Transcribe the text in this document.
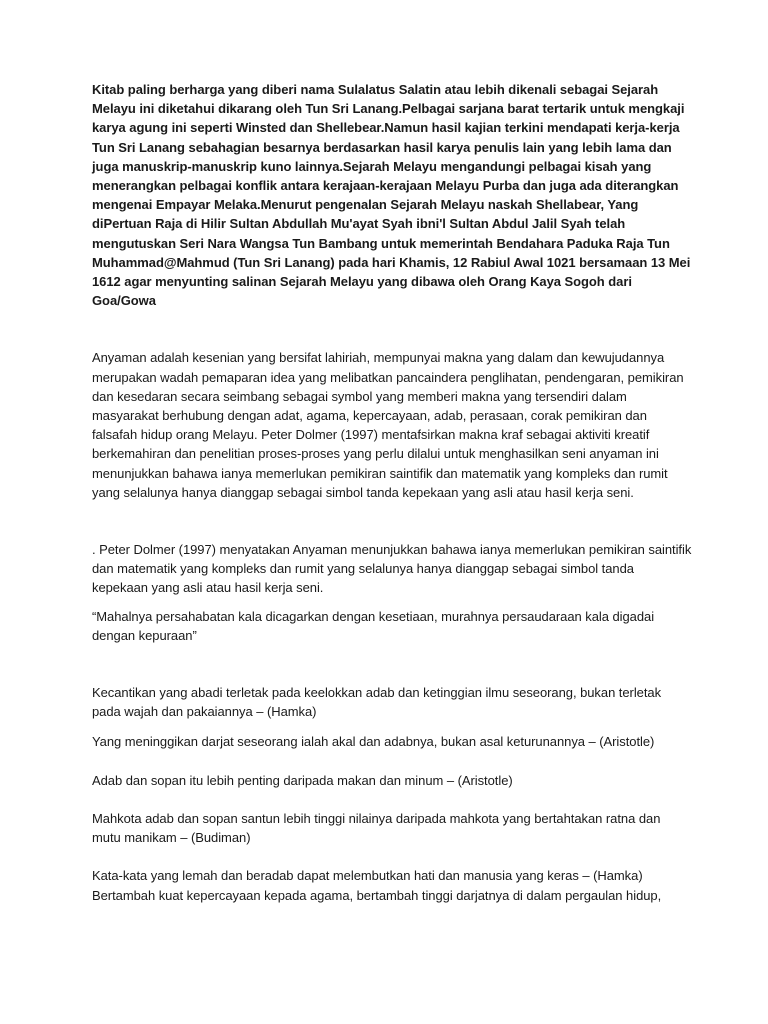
Kitab paling berharga yang diberi nama Sulalatus Salatin atau lebih dikenali sebagai Sejarah Melayu ini diketahui dikarang oleh Tun Sri Lanang.Pelbagai sarjana barat tertarik untuk mengkaji karya agung ini seperti Winsted dan Shellebear.Namun hasil kajian terkini mendapati kerja-kerja Tun Sri Lanang sebahagian besarnya berdasarkan hasil karya penulis lain yang lebih lama dan juga manuskrip-manuskrip kuno lainnya.Sejarah Melayu mengandungi pelbagai kisah yang menerangkan pelbagai konflik antara kerajaan-kerajaan Melayu Purba dan juga ada diterangkan mengenai Empayar Melaka.Menurut pengenalan Sejarah Melayu naskah Shellabear, Yang diPertuan Raja di Hilir Sultan Abdullah Mu'ayat Syah ibni'l Sultan Abdul Jalil Syah telah mengutuskan Seri Nara Wangsa Tun Bambang untuk memerintah Bendahara Paduka Raja Tun Muhammad@Mahmud (Tun Sri Lanang) pada hari Khamis, 12 Rabiul Awal 1021 bersamaan 13 Mei 1612 agar menyunting salinan Sejarah Melayu yang dibawa oleh Orang Kaya Sogoh dari Goa/Gowa

Anyaman adalah kesenian yang bersifat lahiriah, mempunyai makna yang dalam dan kewujudannya merupakan wadah pemaparan idea yang melibatkan pancaindera penglihatan, pendengaran, pemikiran dan kesedaran secara seimbang sebagai symbol yang memberi makna yang tersendiri dalam masyarakat berhubung dengan adat, agama, kepercayaan, adab, perasaan, corak pemikiran dan falsafah hidup orang Melayu. Peter Dolmer (1997) mentafsirkan makna kraf sebagai aktiviti kreatif berkemahiran dan penelitian proses-proses yang perlu dilalui untuk menghasilkan seni anyaman ini menunjukkan bahawa ianya memerlukan pemikiran saintifik dan matematik yang kompleks dan rumit yang selalunya hanya dianggap sebagai simbol tanda kepekaan yang asli atau hasil kerja seni.

. Peter Dolmer (1997) menyatakan Anyaman menunjukkan bahawa ianya memerlukan pemikiran saintifik dan matematik yang kompleks dan rumit yang selalunya hanya dianggap sebagai simbol tanda kepekaan yang asli atau hasil kerja seni.

“Mahalnya persahabatan kala dicagarkan dengan kesetiaan, murahnya persaudaraan kala digadai dengan kepuraan”

Kecantikan yang abadi terletak pada keelokkan adab dan ketinggian ilmu seseorang, bukan terletak pada wajah dan pakaiannya – (Hamka)

Yang meninggikan darjat seseorang ialah akal dan adabnya, bukan asal keturunannya – (Aristotle)

Adab dan sopan itu lebih penting daripada makan dan minum – (Aristotle)

Mahkota adab dan sopan santun lebih tinggi nilainya daripada mahkota yang bertahtakan ratna dan mutu manikam – (Budiman)

Kata-kata yang lemah dan beradab dapat melembutkan hati dan manusia yang keras – (Hamka)

Bertambah kuat kepercayaan kepada agama, bertambah tinggi darjatnya di dalam pergaulan hidup,
